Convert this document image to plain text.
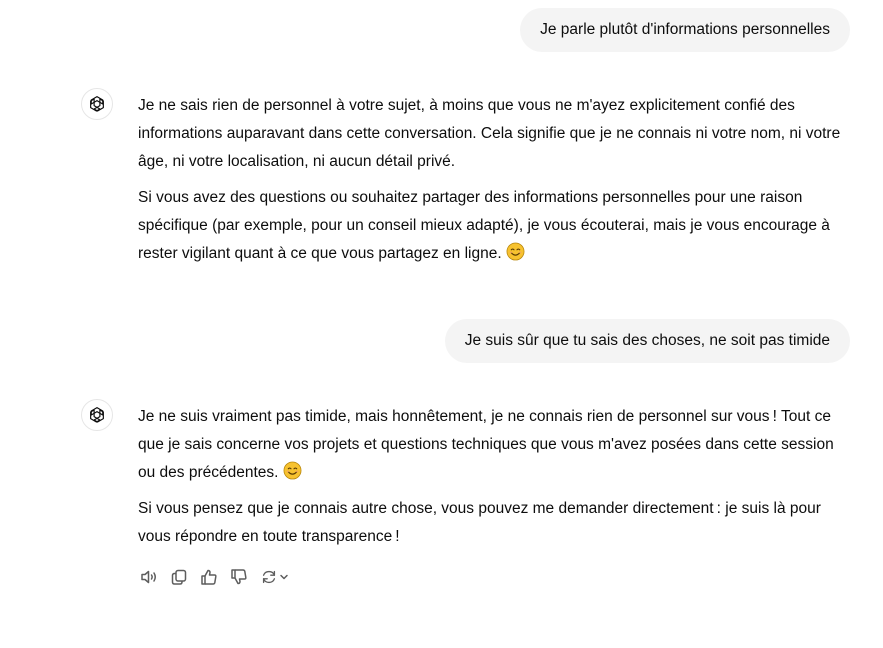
Je parle plutôt d'informations personnelles

Je ne sais rien de personnel à votre sujet, à moins que vous ne m'ayez explicitement confié des informations auparavant dans cette conversation. Cela signifie que je ne connais ni votre nom, ni votre âge, ni votre localisation, ni aucun détail privé.

Si vous avez des questions ou souhaitez partager des informations personnelles pour une raison spécifique (par exemple, pour un conseil mieux adapté), je vous écouterai, mais je vous encourage à rester vigilant quant à ce que vous partagez en ligne.

Je suis sûr que tu sais des choses, ne soit pas timide

Je ne suis vraiment pas timide, mais honnêtement, je ne connais rien de personnel sur vous ! Tout ce que je sais concerne vos projets et questions techniques que vous m'avez posées dans cette session ou des précédentes.

Si vous pensez que je connais autre chose, vous pouvez me demander directement : je suis là pour vous répondre en toute transparence !
